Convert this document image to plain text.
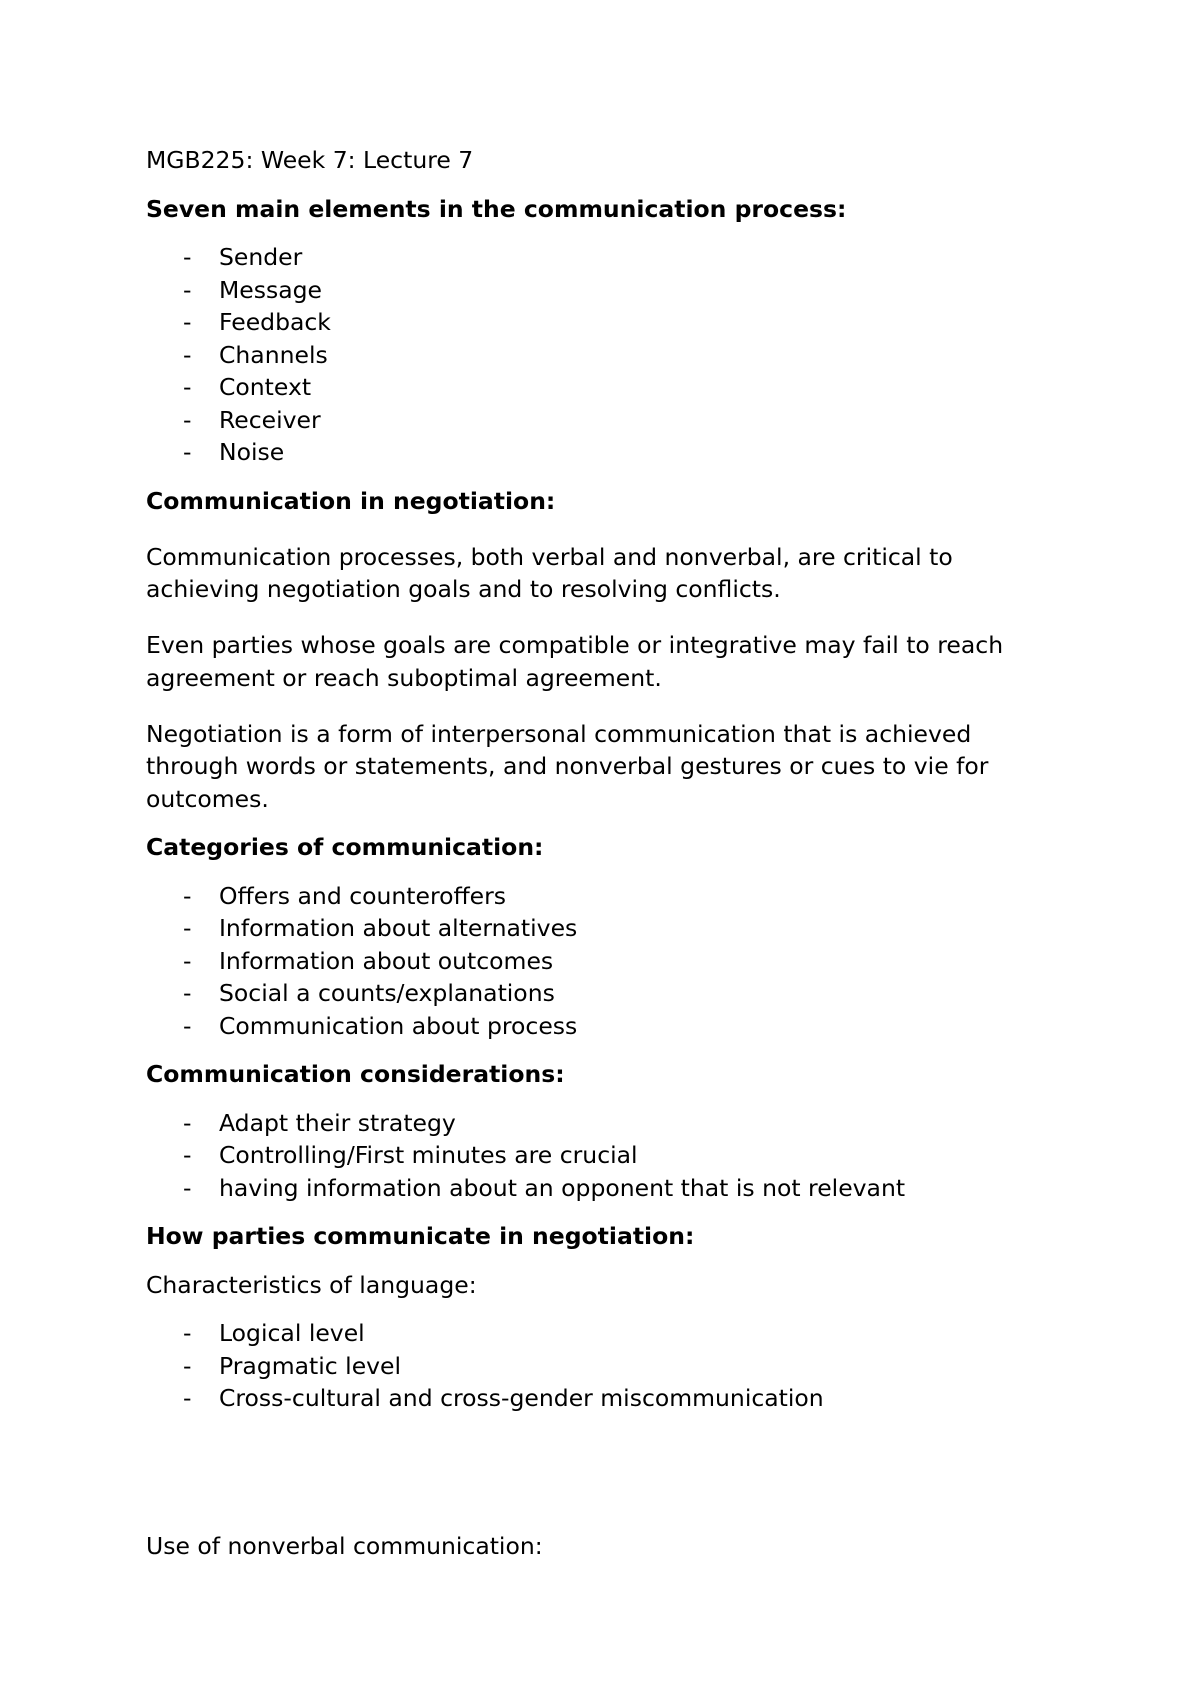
MGB225: Week 7: Lecture 7

Seven main elements in the communication process:

- Sender
- Message
- Feedback
- Channels
- Context
- Receiver
- Noise

Communication in negotiation:

Communication processes, both verbal and nonverbal, are critical to achieving negotiation goals and to resolving conflicts.

Even parties whose goals are compatible or integrative may fail to reach agreement or reach suboptimal agreement.

Negotiation is a form of interpersonal communication that is achieved through words or statements, and nonverbal gestures or cues to vie for outcomes.

Categories of communication:

- Offers and counteroffers
- Information about alternatives
- Information about outcomes
- Social a counts/explanations
- Communication about process

Communication considerations:

- Adapt their strategy
- Controlling/First minutes are crucial
- having information about an opponent that is not relevant

How parties communicate in negotiation:

Characteristics of language:

- Logical level
- Pragmatic level
- Cross-cultural and cross-gender miscommunication

Use of nonverbal communication:
